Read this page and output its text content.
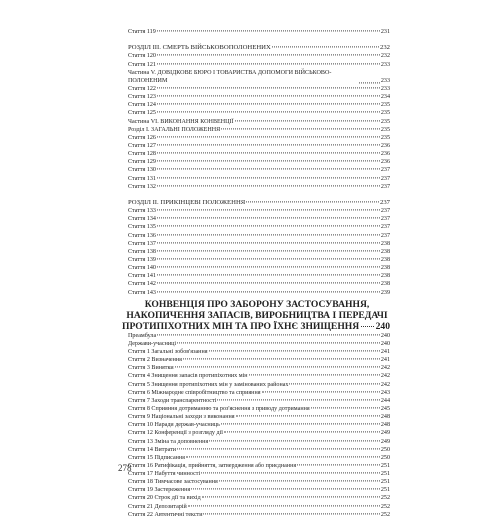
Стаття 119	231
РОЗДІЛ III. СМЕРТЬ ВІЙСЬКОВОПОЛОНЕНИХ	232
Стаття 120	232
Стаття 121	233
Частина V. ДОВІДКОВЕ БЮРО І ТОВАРИСТВА ДОПОМОГИ ВІЙСЬКОВО-ПОЛОНЕНИМ	233
Стаття 122	233
Стаття 123	234
Стаття 124	235
Стаття 125	235
Частина VI. ВИКОНАННЯ КОНВЕНЦІЇ	235
Розділ І. ЗАГАЛЬНІ ПОЛОЖЕННЯ	235
Стаття 126	235
Стаття 127	236
Стаття 128	236
Стаття 129	236
Стаття 130	237
Стаття 131	237
Стаття 132	237
РОЗДІЛ ІІ. ПРИКІНЦЕВІ ПОЛОЖЕННЯ	237
Стаття 133	237
Стаття 134	237
Стаття 135	237
Стаття 136	237
Стаття 137	238
Стаття 138	238
Стаття 139	238
Стаття 140	238
Стаття 141	238
Стаття 142	238
Стаття 143	239
КОНВЕНЦІЯ ПРО ЗАБОРОНУ ЗАСТОСУВАННЯ, НАКОПИЧЕННЯ ЗАПАСІВ, ВИРОБНИЦТВА І ПЕРЕДАЧІ
ПРОТИПІХОТНИХ МІН ТА ПРО ЇХНЄ ЗНИЩЕННЯ 240
Преамбула	240
Держави-учасниці	240
Стаття 1 Загальні зобов'язання	241
Стаття 2 Визначення	241
Стаття 3 Винятки	242
Стаття 4 Знищення запасів протипіхотних мін	242
Стаття 5 Знищення протипіхотних мін у замінованих районах	242
Стаття 6 Міжнародне співробітництво та сприяння	243
Стаття 7 Заходи транспарентності	244
Стаття 8 Сприяння дотриманню та роз'яснення з приводу дотримання	245
Стаття 9 Національні заходи з виконання	248
Стаття 10 Наради держав-учасниць	248
Стаття 12 Конференції з розгляду дії	249
Стаття 13 Зміна та доповнення	249
Стаття 14 Витрати	250
Стаття 15 Підписання	250
Стаття 16 Ратифікація, прийняття, затвердження або приєднання	251
Стаття 17 Набуття чинності	251
Стаття 18 Тимчасове застосування	251
Стаття 19 Застереження	251
Стаття 20 Строк дії та вихід	252
Стаття 21 Депозитарій	252
Стаття 22 Автентичні тексти	252
278
